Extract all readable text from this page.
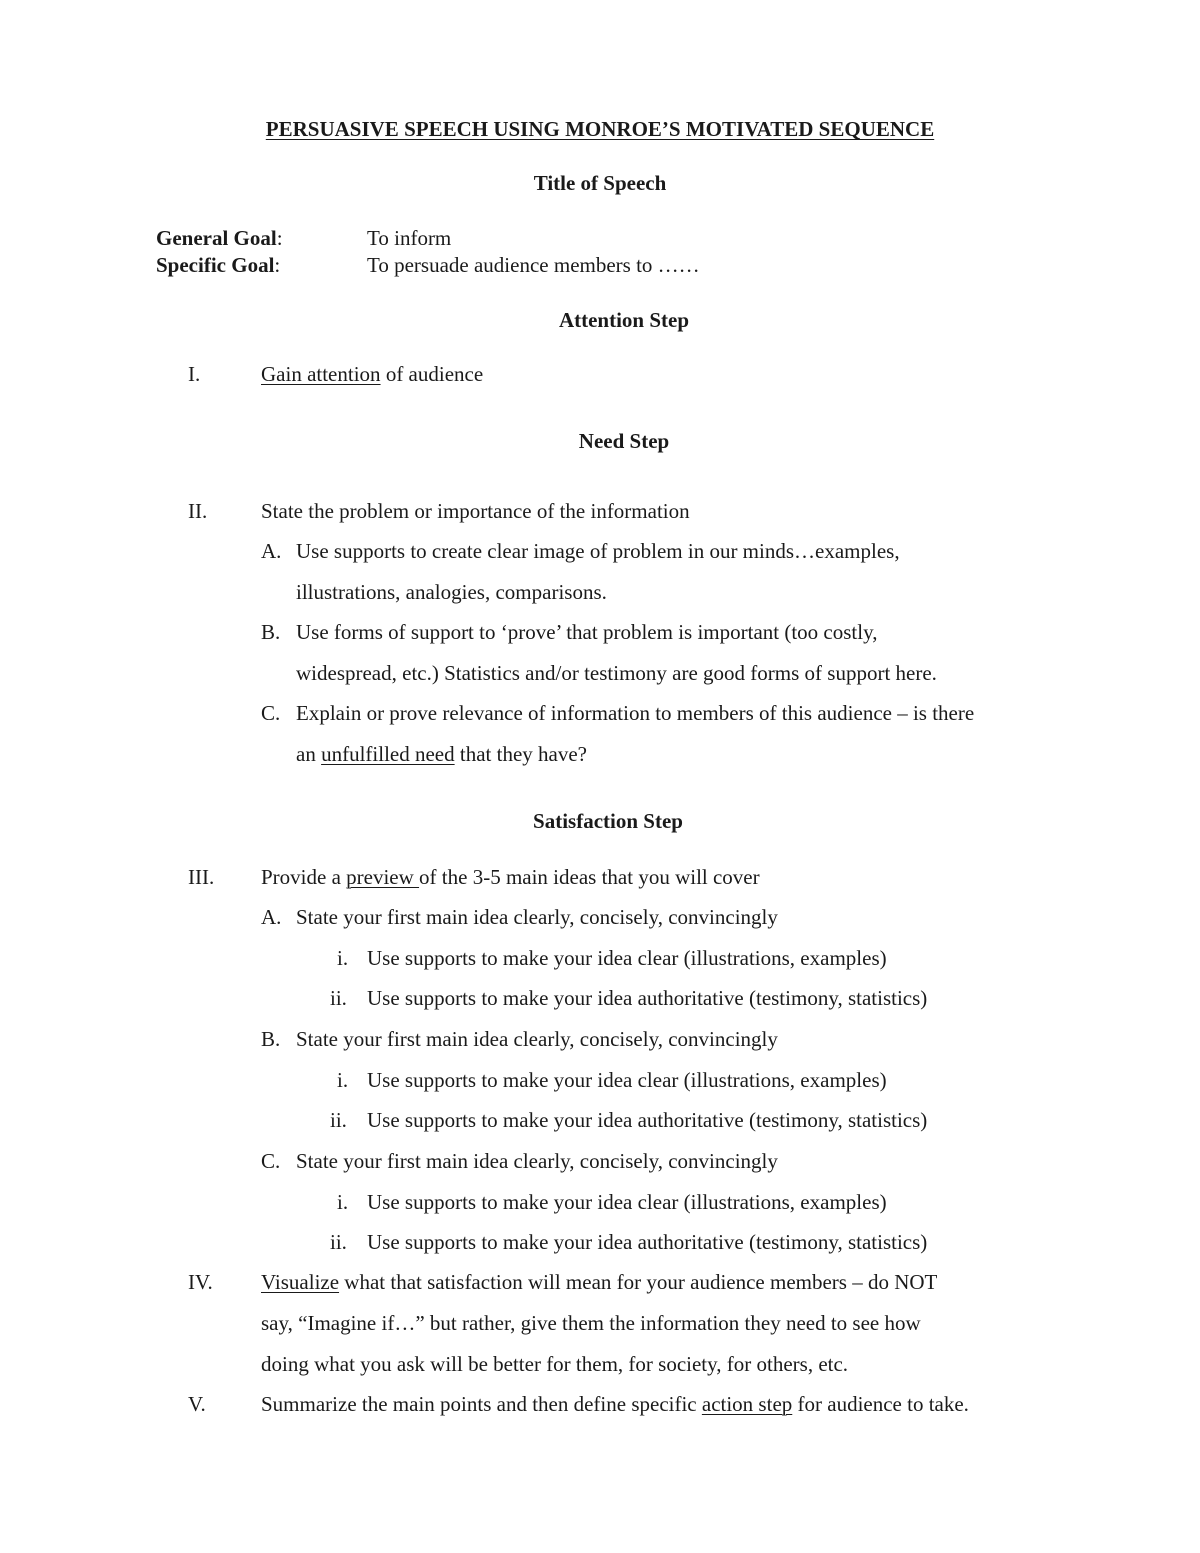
PERSUASIVE SPEECH USING MONROE’S MOTIVATED SEQUENCE
Title of Speech
General Goal:	To inform
Specific Goal:	To persuade audience members to ……
Attention Step
I.	Gain attention of audience
Need Step
II.	State the problem or importance of the information
A. Use supports to create clear image of problem in our minds…examples,
illustrations, analogies, comparisons.
B. Use forms of support to ‘prove’ that problem is important (too costly,
widespread, etc.) Statistics and/or testimony are good forms of support here.
C. Explain or prove relevance of information to members of this audience – is there
an unfulfilled need that they have?
Satisfaction Step
III. Provide a preview of the 3-5 main ideas that you will cover
A. State your first main idea clearly, concisely, convincingly
i. Use supports to make your idea clear (illustrations, examples)
ii. Use supports to make your idea authoritative (testimony, statistics)
B. State your first main idea clearly, concisely, convincingly
i. Use supports to make your idea clear (illustrations, examples)
ii. Use supports to make your idea authoritative (testimony, statistics)
C. State your first main idea clearly, concisely, convincingly
i. Use supports to make your idea clear (illustrations, examples)
ii. Use supports to make your idea authoritative (testimony, statistics)
IV. Visualize what that satisfaction will mean for your audience members – do NOT
say, “Imagine if…” but rather, give them the information they need to see how
doing what you ask will be better for them, for society, for others, etc.
V.	Summarize the main points and then define specific action step for audience to take.
